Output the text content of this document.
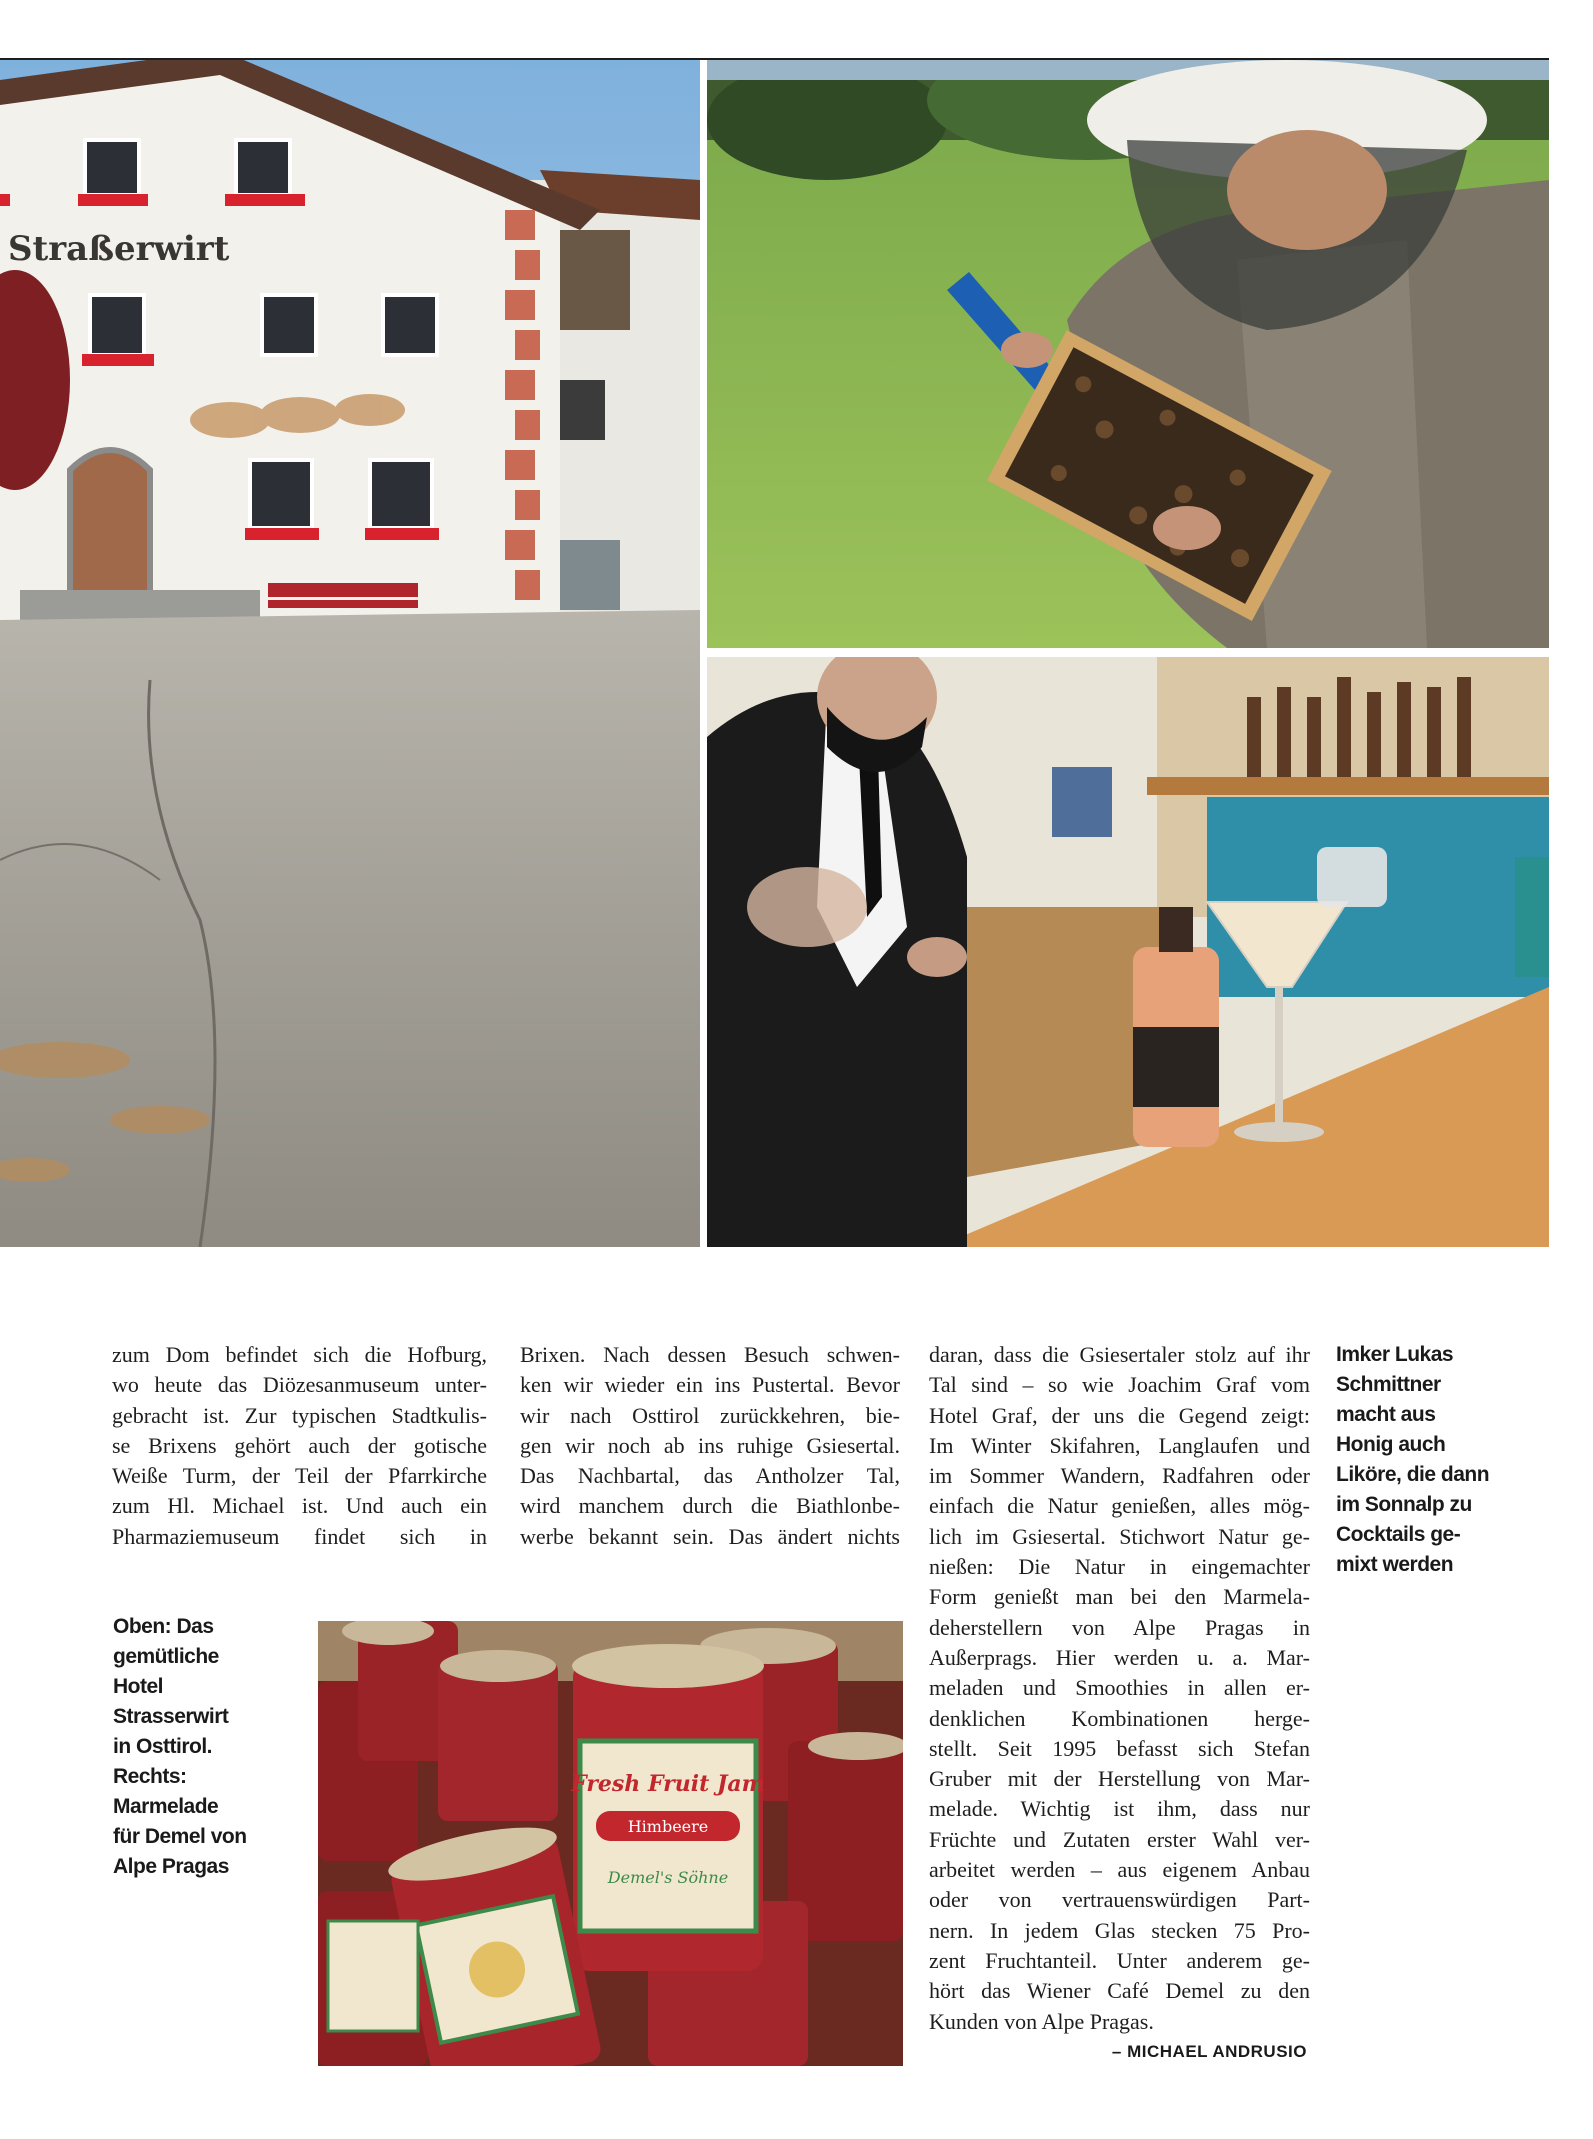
Straßerwirt
Fresh Fruit Jam
Himbeere
Demel's Söhne

zum Dom befindet sich die Hofburg,

wo heute das Diözesanmuseum unter-

gebracht ist. Zur typischen Stadtkulis-

se Brixens gehört auch der gotische

Weiße Turm, der Teil der Pfarrkirche

zum Hl. Michael ist. Und auch ein

Pharmaziemuseum findet sich in

Brixen. Nach dessen Besuch schwen-

ken wir wieder ein ins Pustertal. Bevor

wir nach Osttirol zurückkehren, bie-

gen wir noch ab ins ruhige Gsiesertal.

Das Nachbartal, das Antholzer Tal,

wird manchem durch die Biathlonbe-

werbe bekannt sein. Das ändert nichts

daran, dass die Gsiesertaler stolz auf ihr

Tal sind – so wie Joachim Graf vom

Hotel Graf, der uns die Gegend zeigt:

Im Winter Skifahren, Langlaufen und

im Sommer Wandern, Radfahren oder

einfach die Natur genießen, alles mög-

lich im Gsiesertal. Stichwort Natur ge-

nießen: Die Natur in eingemachter

Form genießt man bei den Marmela-

deherstellern von Alpe Pragas in

Außerprags. Hier werden u. a. Mar-

meladen und Smoothies in allen er-

denklichen Kombinationen herge-

stellt. Seit 1995 befasst sich Stefan

Gruber mit der Herstellung von Mar-

melade. Wichtig ist ihm, dass nur

Früchte und Zutaten erster Wahl ver-

arbeitet werden – aus eigenem Anbau

oder von vertrauenswürdigen Part-

nern. In jedem Glas stecken 75 Pro-

zent Fruchtanteil. Unter anderem ge-

hört das Wiener Café Demel zu den

Kunden von Alpe Pragas.

Imker Lukas
Schmittner
macht aus
Honig auch
Liköre, die dann
im Sonnalp zu
Cocktails ge-
mixt werden
Oben: Das
gemütliche
Hotel
Strasserwirt
in Osttirol.
Rechts:
Marmelade
für Demel von
Alpe Pragas
– MICHAEL ANDRUSIO
